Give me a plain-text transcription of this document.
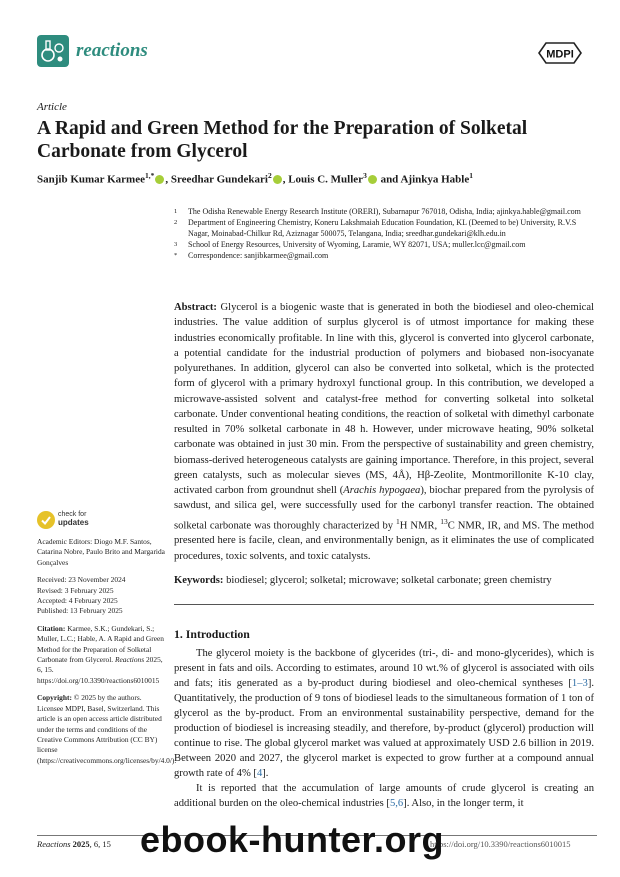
reactions	MDPI
Article
A Rapid and Green Method for the Preparation of Solketal Carbonate from Glycerol
Sanjib Kumar Karmee$^{1,*}$ , Sreedhar Gundekari$^2$ , Louis C. Muller$^3$ and Ajinkya Hable$^1$
1	The Odisha Renewable Energy Research Institute (ORERI), Subarnapur 767018, Odisha, India; ajinkya.hable@gmail.com
2	Department of Engineering Chemistry, Koneru Lakshmaiah Education Foundation, KL (Deemed to be) University, R.V.S Nagar, Moinabad-Chilkur Rd, Aziznagar 500075, Telangana, India; sreedhar.gundekari@klh.edu.in
3	School of Energy Resources, University of Wyoming, Laramie, WY 82071, USA; muller.lcc@gmail.com
*	Correspondence: sanjibkarmee@gmail.com
Abstract: Glycerol is a biogenic waste that is generated in both the biodiesel and oleo-chemical industries. The value addition of surplus glycerol is of utmost importance for making these industries economically profitable. In line with this, glycerol is converted into glycerol carbonate, a potential candidate for the industrial production of polymers and biobased non-isocyanate polyurethanes. In addition, glycerol can also be converted into solketal, which is the protected form of glycerol with a primary hydroxyl functional group. In this contribution, we developed a microwave-assisted solvent and catalyst-free method for converting solketal into solketal carbonate. Under conventional heating conditions, the reaction of solketal with dimethyl carbonate resulted in 70% solketal carbonate in 48 h. However, under microwave heating, 90% solketal carbonate was obtained in just 30 min. From the perspective of sustainability and green chemistry, biomass-derived heterogeneous catalysts are gaining importance. Therefore, in this project, several green catalysts, such as molecular sieves (MS, 4Å), Hβ-Zeolite, Montmorillonite K-10 clay, activated carbon from groundnut shell (Arachis hypogaea), biochar prepared from the pyrolysis of sawdust, and silica gel, were successfully used for the carbonyl transfer reaction. The obtained solketal carbonate was thoroughly characterized by $^1$H NMR, $^{13}$C NMR, IR, and MS. The method presented here is facile, clean, and environmentally benign, as it eliminates the use of complicated procedures, toxic solvents, and toxic catalysts.
Keywords: biodiesel; glycerol; solketal; microwave; solketal carbonate; green chemistry
1. Introduction

The glycerol moiety is the backbone of glycerides (tri-, di- and mono-glycerides), which is present in fats and oils. According to estimates, around 10 wt.% of glycerol is associated with oils and fats; itis generated as a by-product during biodiesel and oleo-chemical syntheses [1–3]. Quantitatively, the production of 9 tons of biodiesel leads to the simultaneous formation of 1 ton of glycerol as the by-product. From an environmental sustainability perspective, demand for the production of biodiesel is increasing steadily, and therefore, by-product (glycerol) production will continue to rise. The global glycerol market was valued at approximately USD 2.6 billion in 2019. Between 2020 and 2027, the glycerol market is expected to grow further at a compound annual growth rate of 4% [4].

It is reported that the accumulation of large amounts of crude glycerol is creating an additional burden on the oleo-chemical industries [5,6]. Also, in the longer term, it

check for
updates
Academic Editors: Diogo M.F. Santos, Catarina Nobre, Paulo Brito and Margarida Gonçalves
Received: 23 November 2024
Revised: 3 February 2025
Accepted: 4 February 2025
Published: 13 February 2025
Citation: Karmee, S.K.; Gundekari, S.; Muller, L.C.; Hable, A. A Rapid and Green Method for the Preparation of Solketal Carbonate from Glycerol. Reactions 2025, 6, 15. https://doi.org/10.3390/reactions6010015
Copyright: © 2025 by the authors. Licensee MDPI, Basel, Switzerland. This article is an open access article distributed under the terms and conditions of the Creative Commons Attribution (CC BY) license (https://creativecommons.org/licenses/by/4.0/).
Reactions 2025, 6, 15	https://doi.org/10.3390/reactions6010015
ebook-hunter.org
